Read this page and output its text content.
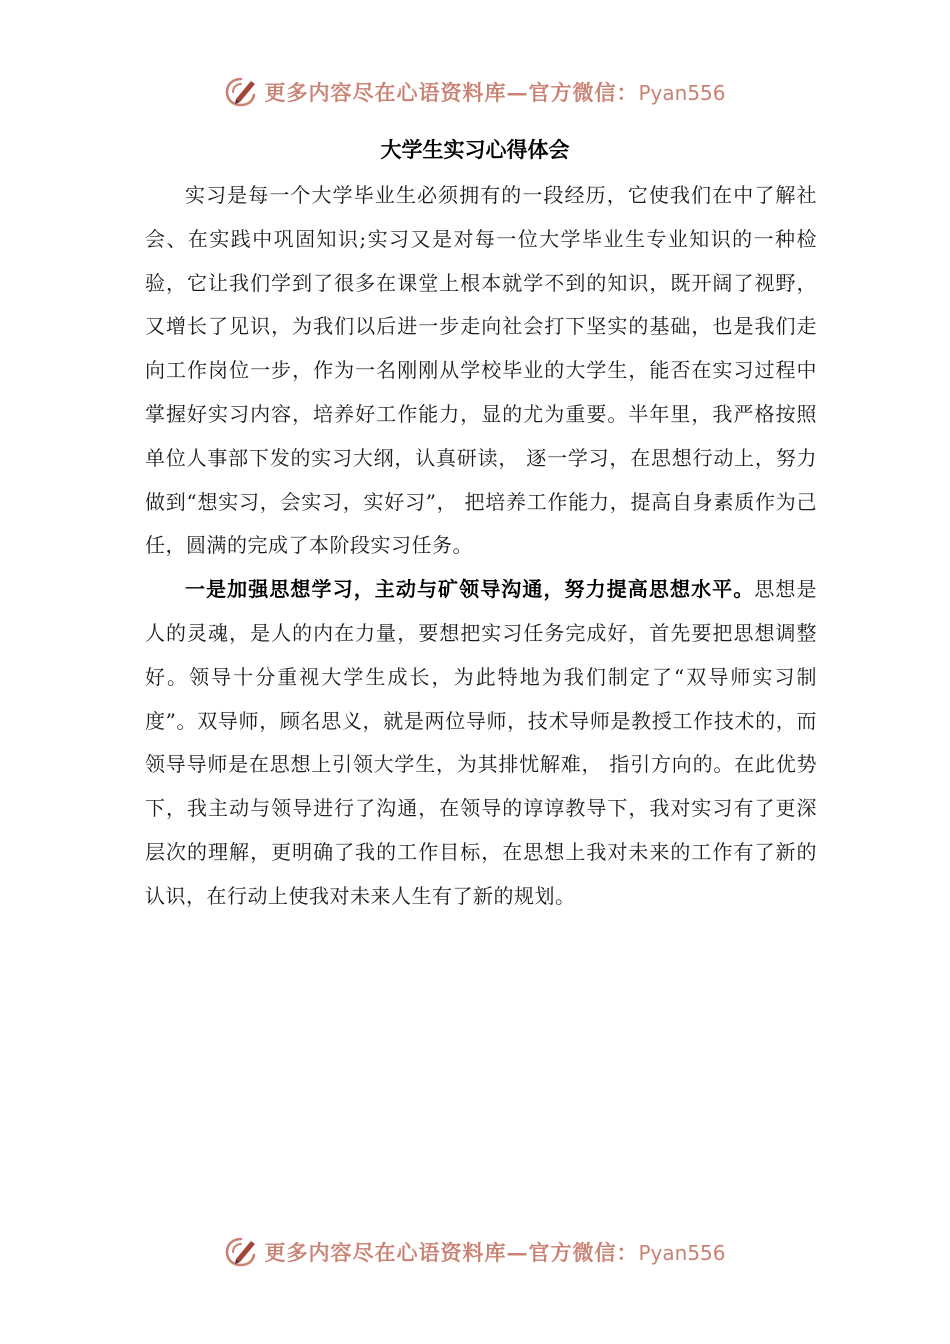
更多内容尽在心语资料库—官方微信：Pyan556
大学生实习心得体会

实习是每一个大学毕业生必须拥有的一段经历，它使我们在中了解社会、在实践中巩固知识;实习又是对每一位大学毕业生专业知识的一种检验，它让我们学到了很多在课堂上根本就学不到的知识，既开阔了视野，又增长了见识，为我们以后进一步走向社会打下坚实的基础，也是我们走向工作岗位一步，作为一名刚刚从学校毕业的大学生，能否在实习过程中掌握好实习内容，培养好工作能力，显的尤为重要。半年里，我严格按照单位人事部下发的实习大纲，认真研读， 逐一学习，在思想行动上，努力做到“想实习，会实习，实好习”， 把培养工作能力，提高自身素质作为己任，圆满的完成了本阶段实习任务。

一是加强思想学习，主动与矿领导沟通，努力提高思想水平。思想是人的灵魂，是人的内在力量，要想把实习任务完成好，首先要把思想调整好。领导十分重视大学生成长，为此特地为我们制定了“双导师实习制度”。双导师，顾名思义，就是两位导师，技术导师是教授工作技术的，而领导导师是在思想上引领大学生，为其排忧解难， 指引方向的。在此优势下，我主动与领导进行了沟通，在领导的谆谆教导下，我对实习有了更深层次的理解，更明确了我的工作目标，在思想上我对未来的工作有了新的认识，在行动上使我对未来人生有了新的规划。

更多内容尽在心语资料库—官方微信：Pyan556
